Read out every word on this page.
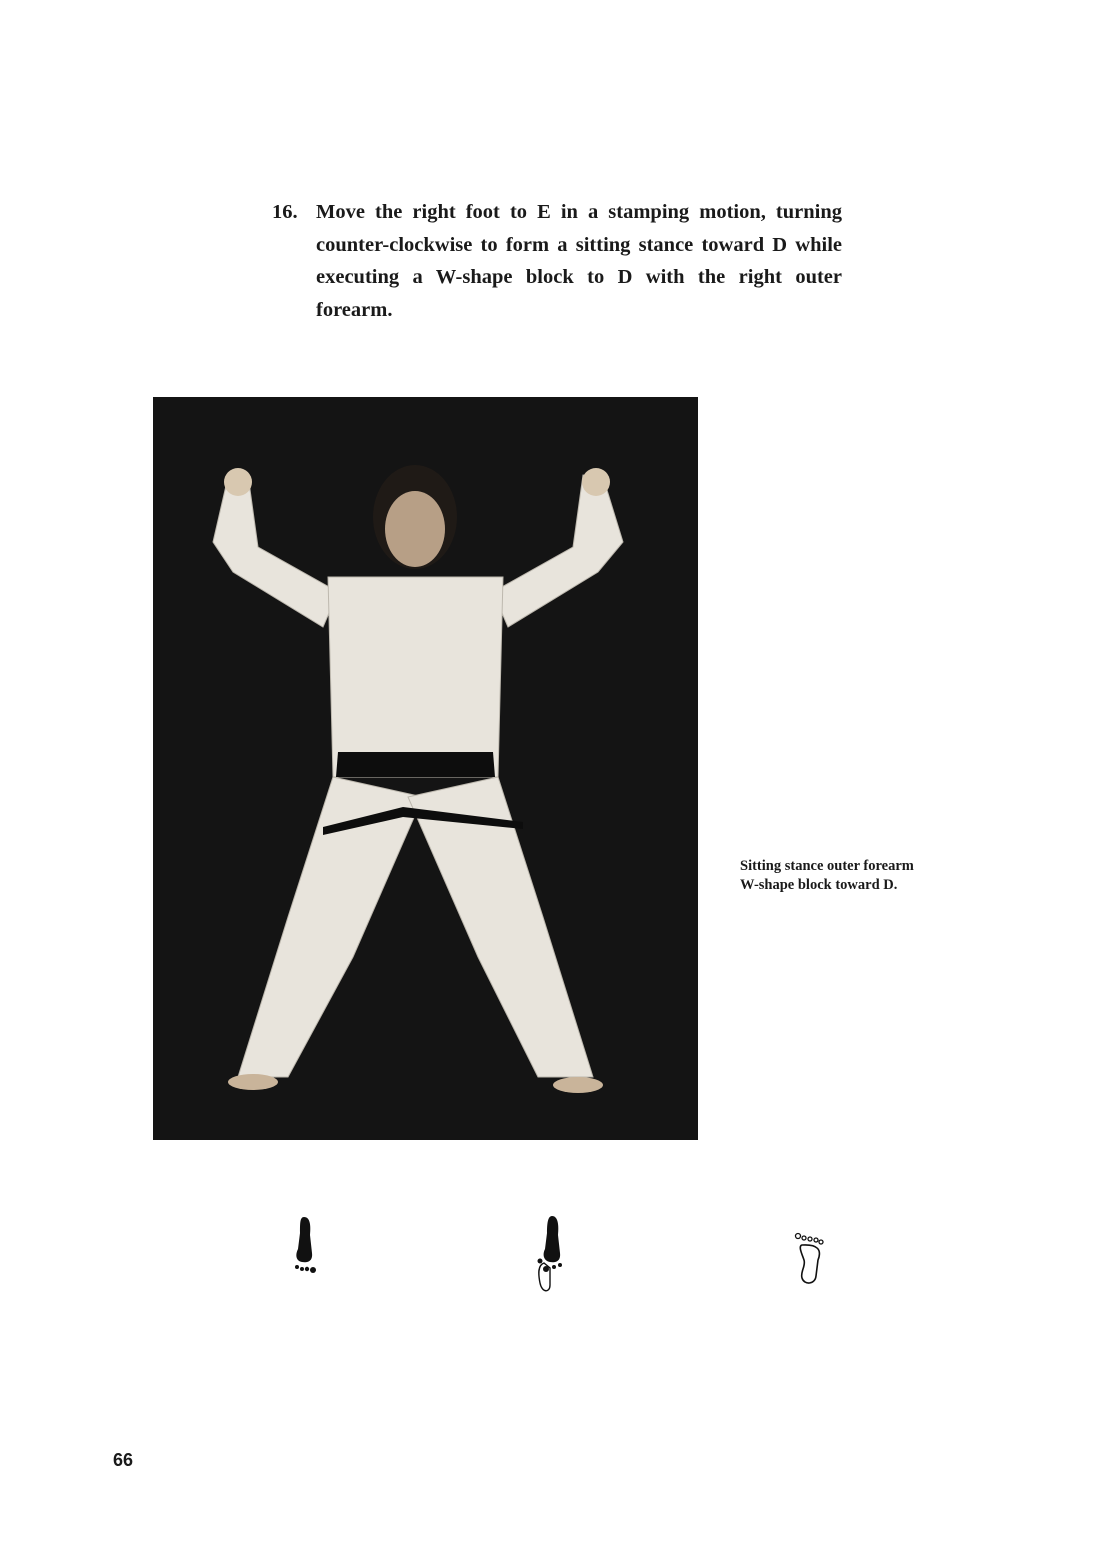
16. Move the right foot to E in a stamping motion, turning counter-clockwise to form a sitting stance toward D while executing a W-shape block to D with the right outer forearm.
Sitting stance outer forearm
W-shape block toward D.
66
